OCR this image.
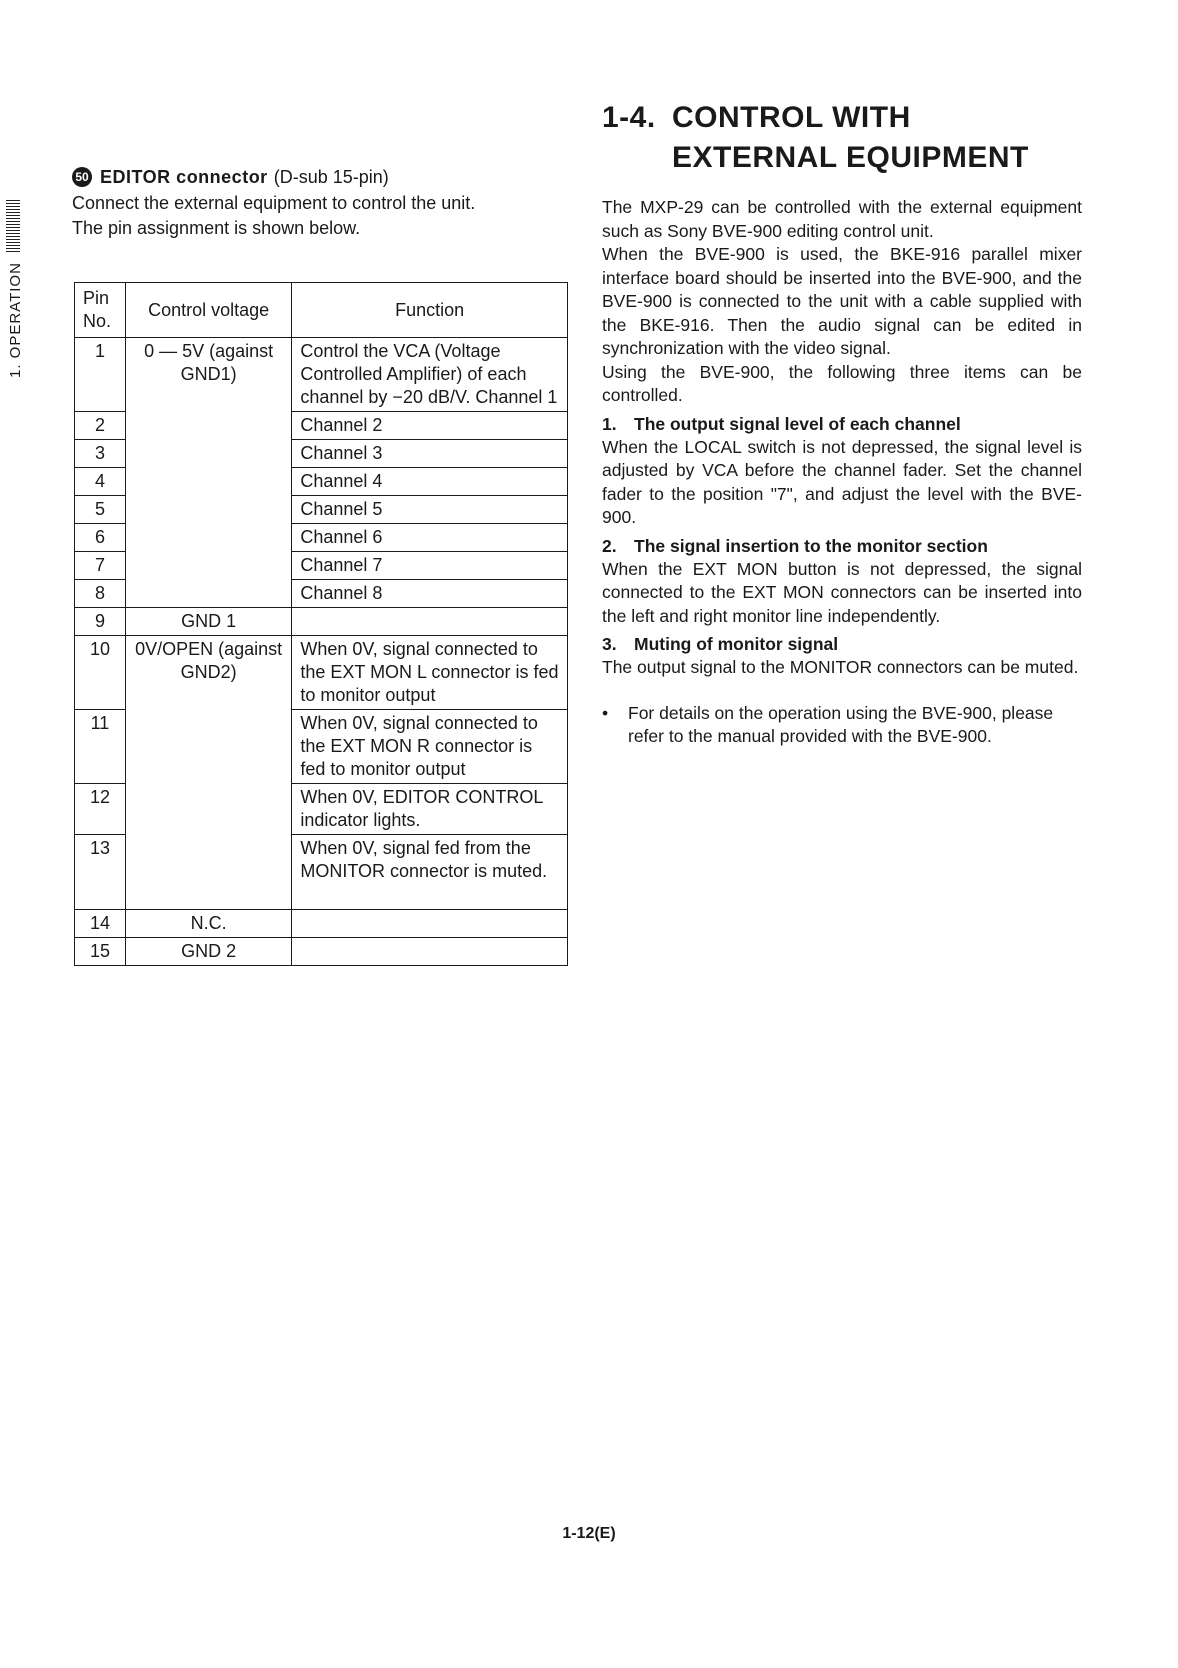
1. OPERATION
50 EDITOR connector (D-sub 15-pin)

Connect the external equipment to control the unit.

The pin assignment is shown below.

Pin No.	Control voltage	Function
1	0 — 5V (against GND1)	Control the VCA (Voltage Controlled Amplifier) of each channel by −20 dB/V. Channel 1
2		Channel 2
3		Channel 3
4		Channel 4
5		Channel 5
6		Channel 6
7		Channel 7
8		Channel 8
9	GND 1	
10	0V/OPEN (against GND2)	When 0V, signal connected to the EXT MON L connector is fed to monitor output
11		When 0V, signal connected to the EXT MON R connector is fed to monitor output
12		When 0V, EDITOR CONTROL indicator lights.
13		When 0V, signal fed from the MONITOR connector is muted.
14	N.C.	
15	GND 2	
1-4. CONTROL WITH
EXTERNAL EQUIPMENT

The MXP-29 can be controlled with the external equipment such as Sony BVE-900 editing control unit.

When the BVE-900 is used, the BKE-916 parallel mixer interface board should be inserted into the BVE-900, and the BVE-900 is connected to the unit with a cable supplied with the BKE-916. Then the audio signal can be edited in synchronization with the video signal.

Using the BVE-900, the following three items can be controlled.

1. The output signal level of each channel

When the LOCAL switch is not depressed, the signal level is adjusted by VCA before the channel fader. Set the channel fader to the position "7", and adjust the level with the BVE-900.

2. The signal insertion to the monitor section

When the EXT MON button is not depressed, the signal connected to the EXT MON connectors can be inserted into the left and right monitor line independently.

3. Muting of monitor signal

The output signal to the MONITOR connectors can be muted.

•	For details on the operation using the BVE-900, please refer to the manual provided with the BVE-900.
1-12(E)
